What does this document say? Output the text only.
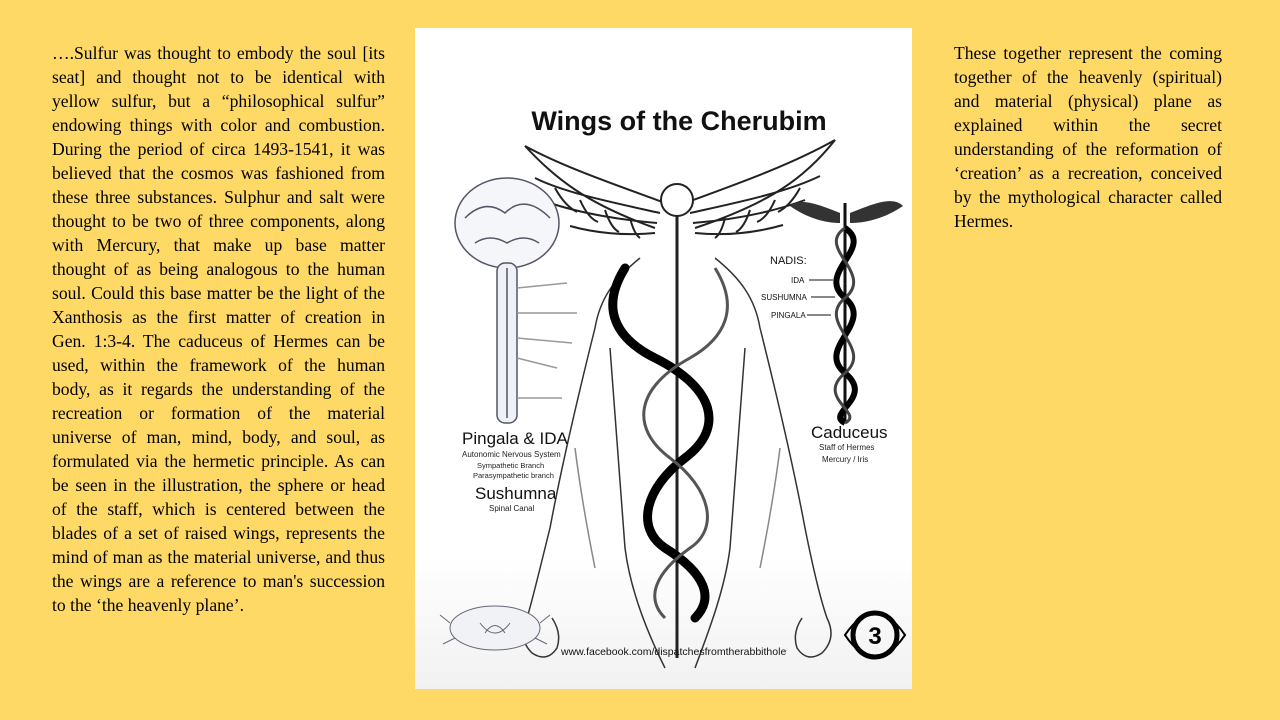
….Sulfur was thought to embody the soul [its seat] and thought not to be identical with yellow sulfur, but a “philosophical sulfur” endowing things with color and combustion. During the period of circa 1493-1541, it was believed that the cosmos was fashioned from these three substances. Sulphur and salt were thought to be two of three components, along with Mercury, that make up base matter thought of as being analogous to the human soul. Could this base matter be the light of the Xanthosis as the first matter of creation in Gen. 1:3-4. The caduceus of Hermes can be used, within the framework of the human body, as it regards the understanding of the recreation or formation of the material universe of man, mind, body, and soul, as formulated via the hermetic principle. As can be seen in the illustration, the sphere or head of the staff, which is centered between the blades of a set of raised wings, represents the mind of man as the material universe, and thus the wings are a reference to man's succession to the ‘the heavenly plane’.

Wings of the Cherubim
Pingala & IDA
Autonomic Nervous System
Sympathetic Branch
Parasympathetic branch
Sushumna
Spinal Canal
NADIS:
IDA
SUSHUMNA
PINGALA
Caduceus
Staff of Hermes
Mercury / Iris
3
www.facebook.com/dispatchesfromtherabbithole

These together represent the coming together of the heavenly (spiritual) and material (physical) plane as explained within the secret understanding of the reformation of ‘creation’ as a recreation, conceived by the mythological character called Hermes.
